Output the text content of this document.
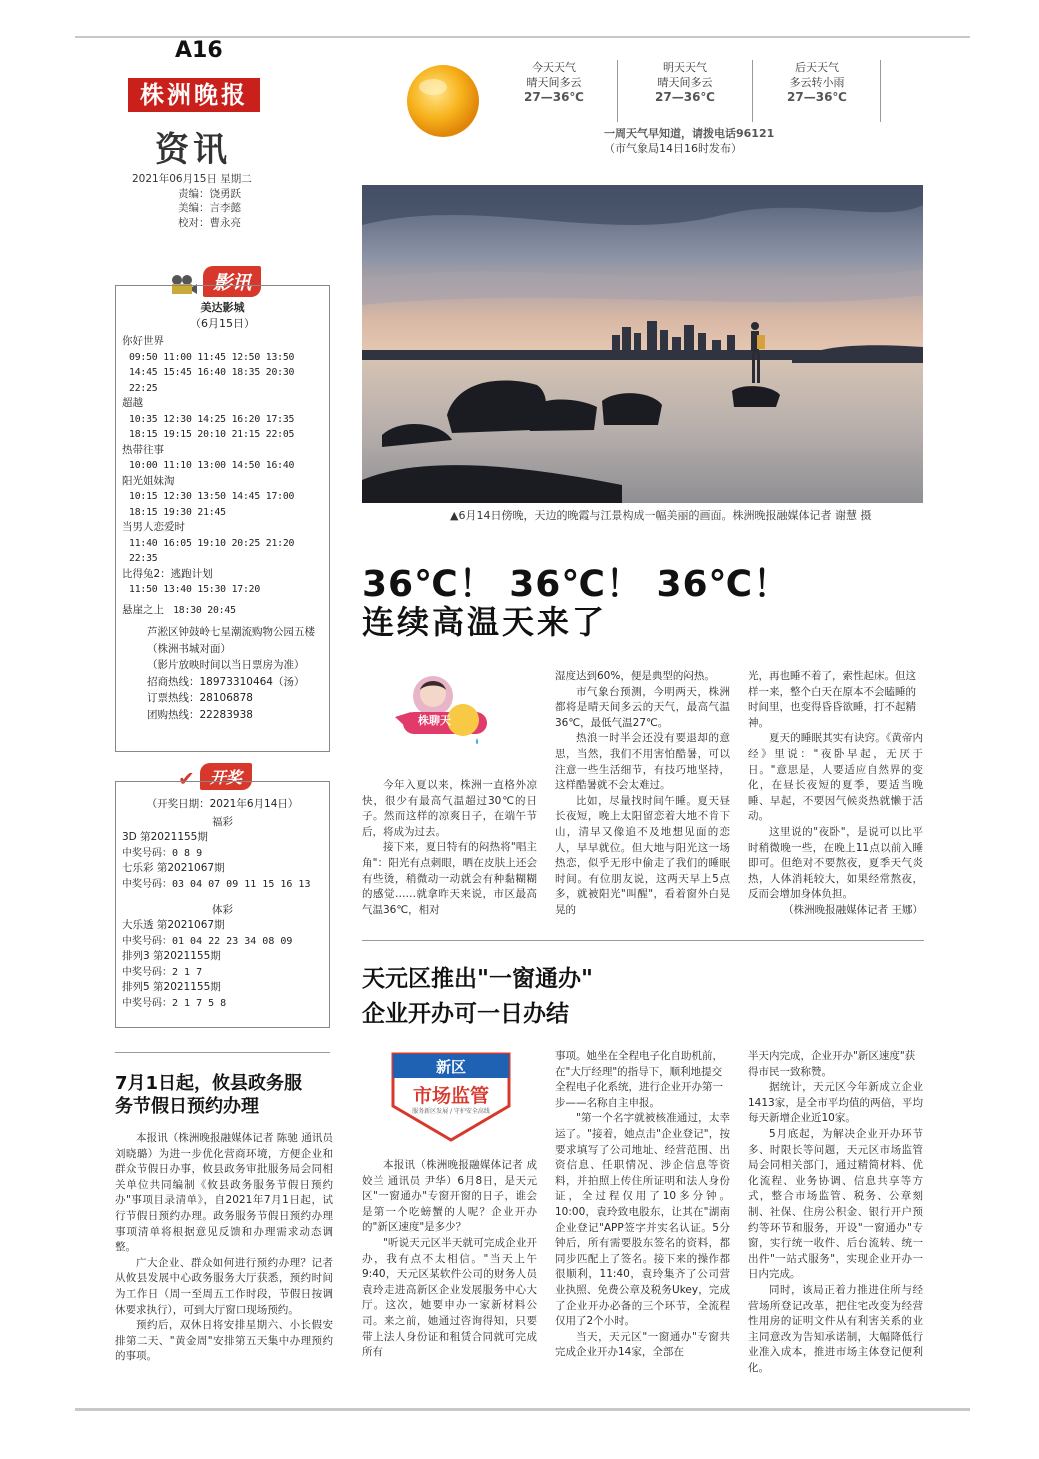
A16
株洲晚报
资讯
2021年06月15日 星期二
责编：饶勇跃
美编：言李懿
校对：曹永亮
今天天气
晴天间多云
27—36℃
明天天气
晴天间多云
27—36℃
后天天气
多云转小雨
27—36℃
一周天气早知道，请拨电话96121
（市气象局14日16时发布）
▲6月14日傍晚，天边的晚霞与江景构成一幅美丽的画面。株洲晚报融媒体记者 谢慧 摄
36℃！ 36℃！ 36℃！
连续高温天来了
株聊天

今年入夏以来，株洲一直格外凉快，很少有最高气温超过30℃的日子。然而这样的凉爽日子，在端午节后，将成为过去。

接下来，夏日特有的闷热将"唱主角"：阳光有点刺眼，晒在皮肤上还会有些烫，稍微动一动就会有种黏糊糊的感觉……就拿昨天来说，市区最高气温36℃，相对

湿度达到60%，便是典型的闷热。

市气象台预测，今明两天，株洲都将是晴天间多云的天气，最高气温36℃，最低气温27℃。

热浪一时半会还没有要退却的意思，当然，我们不用害怕酷暑，可以注意一些生活细节，有技巧地坚持，这样酷暑就不会太难过。

比如，尽量找时间午睡。夏天昼长夜短，晚上太阳留恋着大地不肯下山，清早又像追不及地想见面的恋人，早早就位。但大地与阳光这一场热恋，似乎无形中偷走了我们的睡眠时间。有位朋友说，这两天早上5点多，就被阳光"叫醒"，看着窗外白晃晃的

光，再也睡不着了，索性起床。但这样一来，整个白天在原本不会瞌睡的时间里，也变得昏昏欲睡，打不起精神。

夏天的睡眠其实有诀窍。《黄帝内经》里说："夜卧早起，无厌于日。"意思是，人要适应自然界的变化，在昼长夜短的夏季，要适当晚睡、早起，不要因气候炎热就懒于活动。

这里说的"夜卧"，是说可以比平时稍微晚一些，在晚上11点以前入睡即可。但绝对不要熬夜，夏季天气炎热，人体消耗较大，如果经常熬夜，反而会增加身体负担。

（株洲晚报融媒体记者 王娜）

影讯
美达影城
（6月15日）
你好世界
09:50 11:00 11:45 12:50 13:50
14:45 15:45 16:40 18:35 20:30
22:25
超越
10:35 12:30 14:25 16:20 17:35
18:15 19:15 20:10 21:15 22:05
热带往事
10:00 11:10 13:00 14:50 16:40
阳光姐妹淘
10:15 12:30 13:50 14:45 17:00
18:15 19:30 21:45
当男人恋爱时
11:40 16:05 19:10 20:25 21:20
22:35
比得兔2：逃跑计划
11:50 13:40 15:30 17:20
悬崖之上 18:30 20:45
芦淞区钟鼓岭七星潮流购物公园五楼（株洲书城对面）
（影片放映时间以当日票房为准）
招商热线：18973310464（汤）
订票热线：28106878
团购热线：22283938
✔ 开奖
（开奖日期：2021年6月14日）
福彩
3D 第2021155期
中奖号码：0 8 9
七乐彩 第2021067期
中奖号码：03 04 07 09 11 15 16 13
体彩
大乐透 第2021067期
中奖号码：01 04 22 23 34 08 09
排列3 第2021155期
中奖号码：2 1 7
排列5 第2021155期
中奖号码：2 1 7 5 8
7月1日起，攸县政务服
务节假日预约办理

本报讯（株洲晚报融媒体记者 陈驰 通讯员 刘晓璐）为进一步优化营商环境，方便企业和群众节假日办事，攸县政务审批服务局会同相关单位共同编制《攸县政务服务节假日预约办"事项目录清单》，自2021年7月1日起，试行节假日预约办理。政务服务节假日预约办理事项清单将根据意见反馈和办理需求动态调整。

广大企业、群众如何进行预约办理？记者从攸县发展中心政务服务大厅获悉，预约时间为工作日（周一至周五工作时段，节假日按调休要求执行），可到大厅窗口现场预约。

预约后，双休日将安排星期六、小长假安排第二天、"黄金周"安排第五天集中办理预约的事项。

天元区推出"一窗通办"
企业开办可一日办结
新区
市场监管
服务新区发展 / 守护安全高线

本报讯（株洲晚报融媒体记者 成姣兰 通讯员 尹华）6月8日，是天元区"一窗通办"专窗开窗的日子，谁会是第一个吃螃蟹的人呢？企业开办的"新区速度"是多少？

"听说天元区半天就可完成企业开办，我有点不太相信。"当天上午9:40，天元区某软件公司的财务人员袁玲走进高新区企业发展服务中心大厅。这次，她要申办一家新材料公司。来之前，她通过咨询得知，只要带上法人身份证和租赁合同就可完成所有

事项。她坐在全程电子化自助机前，在"大厅经理"的指导下，顺利地提交全程电子化系统，进行企业开办第一步——名称自主申报。

"第一个名字就被核准通过，太幸运了。"接着，她点击"企业登记"，按要求填写了公司地址、经营范围、出资信息、任职情况、涉企信息等资料，并拍照上传住所证明和法人身份证，全过程仅用了10多分钟。10:00，袁玲致电股东，让其在"湖南企业登记"APP签字并实名认证。5分钟后，所有需要股东签名的资料，都同步匹配上了签名。接下来的操作都很顺利，11:40，袁玲集齐了公司营业执照、免费公章及税务Ukey，完成了企业开办必备的三个环节，全流程仅用了2个小时。

当天，天元区"一窗通办"专窗共完成企业开办14家，全部在

半天内完成，企业开办"新区速度"获得市民一致称赞。

据统计，天元区今年新成立企业1413家，是全市平均值的两倍，平均每天新增企业近10家。

5月底起，为解决企业开办环节多、时限长等问题，天元区市场监管局会同相关部门，通过精简材料、优化流程、业务协调、信息共享等方式，整合市场监管、税务、公章刻制、社保、住房公积金、银行开户预约等环节和服务，开设"一窗通办"专窗，实行统一收件、后台流转、统一出件"一站式服务"，实现企业开办一日内完成。

同时，该局正着力推进住所与经营场所登记改革，把住宅改变为经营性用房的证明文件从有利害关系的业主同意改为告知承诺制，大幅降低行业准入成本，推进市场主体登记便利化。
